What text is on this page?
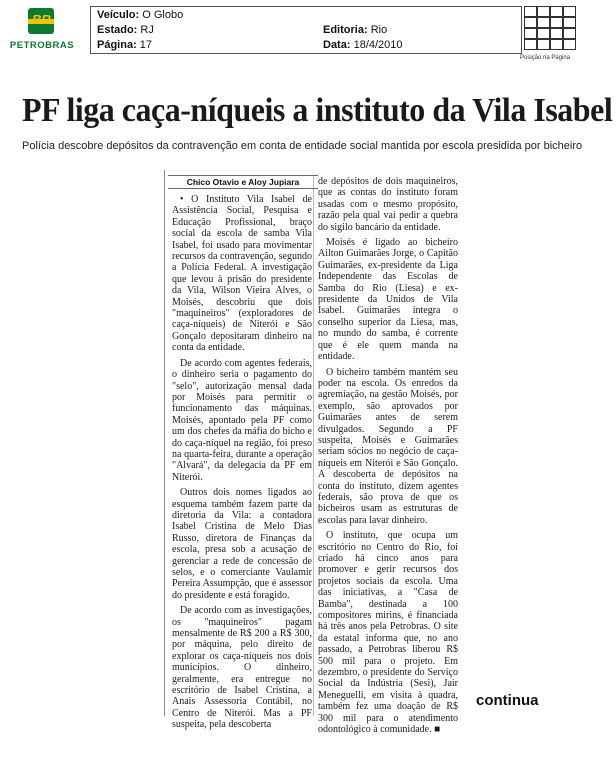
BR
PETROBRAS
Veículo: O Globo
Estado: RJ
Página: 17
Editoria: Rio
Data: 18/4/2010
Posição na Página
PF liga caça-níqueis a instituto da Vila Isabel
Polícia descobre depósitos da contravenção em conta de entidade social mantida por escola presidida por bicheiro
Chico Otavio e Aloy Jupiara

• O Instituto Vila Isabel de Assistência Social, Pesquisa e Educação Profissional, braço social da escola de samba Vila Isabel, foi usado para movimentar recursos da contravenção, segundo a Polícia Federal. A investigação que levou à prisão do presidente da Vila, Wilson Vieira Alves, o Moisés, descobriu que dois "maquineiros" (exploradores de caça-níqueis) de Niterói e São Gonçalo depositaram dinheiro na conta da entidade.

De acordo com agentes federais, o dinheiro seria o pagamento do "selo", autorização mensal dada por Moisés para permitir o funcionamento das máquinas. Moisés, apontado pela PF como um dos chefes da máfia do bicho e do caça-níquel na região, foi preso na quarta-feira, durante a operação "Alvará", da delegacia da PF em Niterói.

Outros dois nomes ligados ao esquema também fazem parte da diretoria da Vila: a contadora Isabel Cristina de Melo Dias Russo, diretora de Finanças da escola, presa sob a acusação de gerenciar a rede de concessão de selos, e o comerciante Vaulamir Pereira Assumpção, que é assessor do presidente e está foragido.

De acordo com as investigações, os "maquineiros" pagam mensalmente de R$ 200 a R$ 300, por máquina, pelo direito de explorar os caça-níqueis nos dois municípios. O dinheiro, geralmente, era entregue no escritório de Isabel Cristina, a Anais Assessoria Contábil, no Centro de Niterói. Mas a PF suspeita, pela descoberta

de depósitos de dois maquineiros, que as contas do instituto foram usadas com o mesmo propósito, razão pela qual vai pedir a quebra do sigilo bancário da entidade.

Moisés é ligado ao bicheiro Ailton Guimarães Jorge, o Capitão Guimarães, ex-presidente da Liga Independente das Escolas de Samba do Rio (Liesa) e ex-presidente da Unidos de Vila Isabel. Guimarães integra o conselho superior da Liesa, mas, no mundo do samba, é corrente que é ele quem manda na entidade.

O bicheiro também mantém seu poder na escola. Os enredos da agremiação, na gestão Moisés, por exemplo, são aprovados por Guimarães antes de serem divulgados. Segundo a PF suspeita, Moisés e Guimarães seriam sócios no negócio de caça-níqueis em Niterói e São Gonçalo. A descoberta de depósitos na conta do instituto, dizem agentes federais, são prova de que os bicheiros usam as estruturas de escolas para lavar dinheiro.

O instituto, que ocupa um escritório no Centro do Rio, foi criado há cinco anos para promover e gerir recursos dos projetos sociais da escola. Uma das iniciativas, a "Casa de Bamba", destinada a 100 compositores mirins, é financiada há três anos pela Petrobras. O site da estatal informa que, no ano passado, a Petrobras liberou R$ 500 mil para o projeto. Em dezembro, o presidente do Serviço Social da Indústria (Sesi), Jair Meneguelli, em visita à quadra, também fez uma doação de R$ 300 mil para o atendimento odontológico à comunidade. ■

continua
